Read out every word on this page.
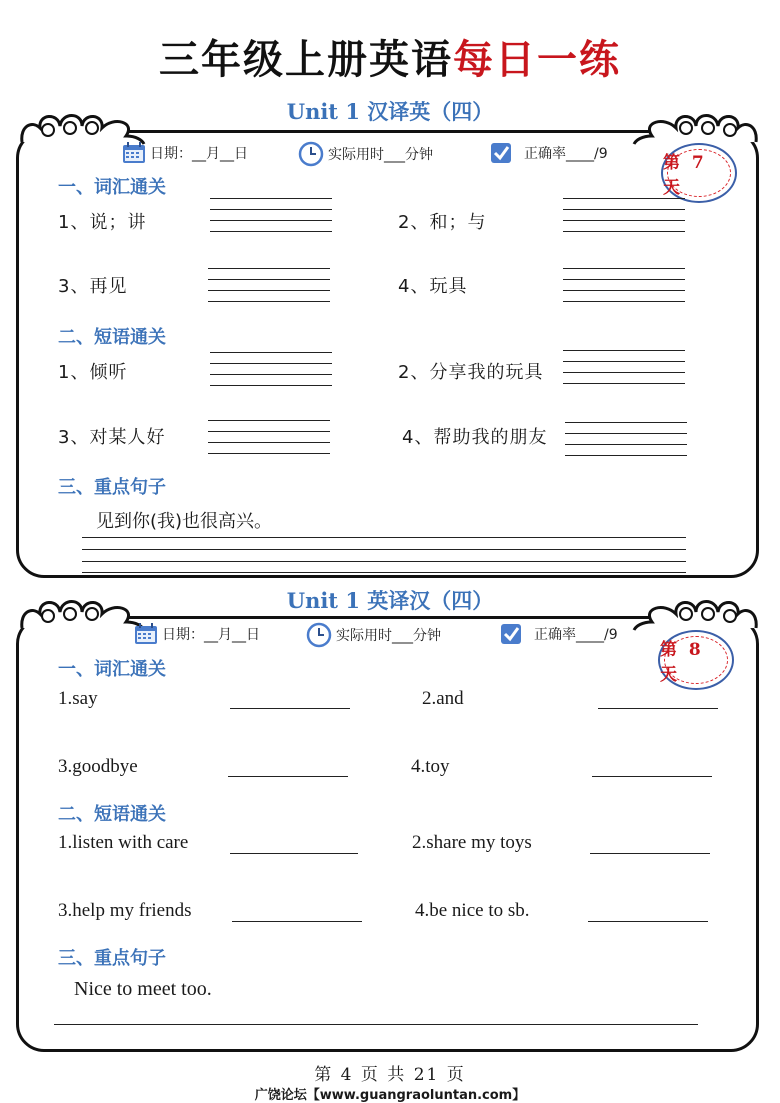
三年级上册英语每日一练
Unit 1 汉译英（四）
日期：__月__日	实际用时___分钟	正确率____/9	第 7 天
一、词汇通关
1、说；讲	2、和；与
3、再见	4、玩具
二、短语通关
1、倾听	2、分享我的玩具
3、对某人好	4、帮助我的朋友
三、重点句子
见到你(我)也很高兴。
Unit 1 英译汉（四）
日期：__月__日	实际用时___分钟	正确率____/9
第 8 天
一、词汇通关
1.say	2.and
3.goodbye	4.toy
二、短语通关
1.listen with care	2.share my toys
3.help my friends	4.be nice to sb.
三、重点句子
Nice to meet too.
第 4 页 共 21 页
广饶论坛【www.guangraoluntan.com】
